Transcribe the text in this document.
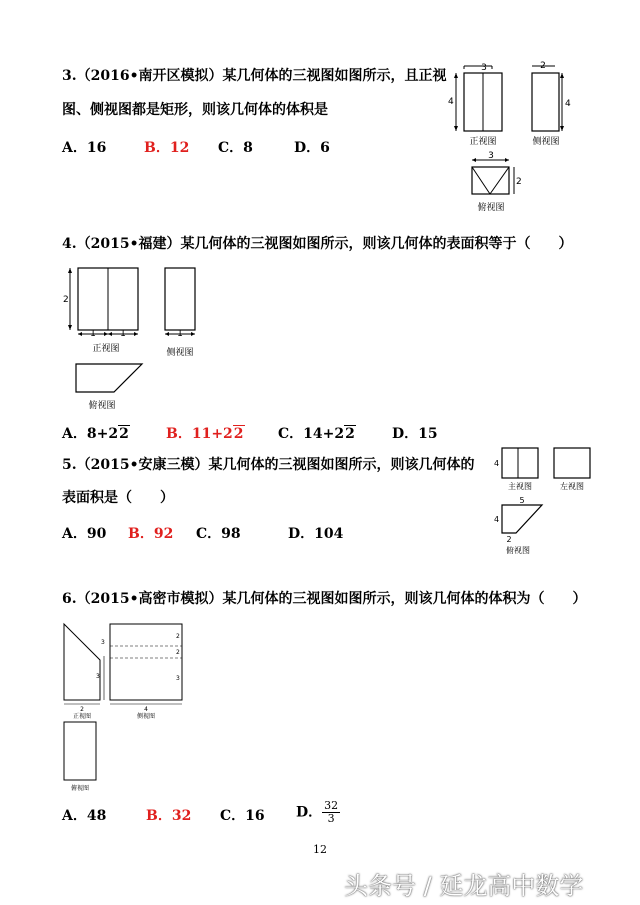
3.（2016•南开区模拟）某几何体的三视图如图所示，且正视
图、侧视图都是矩形，则该几何体的体积是
A．16	B．12 C．8	D．6
3
4
正视图
2
4
侧视图
3
2
俯视图
4.（2015•福建）某几何体的三视图如图所示，则该几何体的表面积等于（　　）
2
1	1
正视图
1
侧视图
俯视图
A．8+22	B．11+22 C．14+22	D．15
5.（2015•安康三模）某几何体的三视图如图所示，则该几何体的
表面积是（　　）
A．90 B．92 C．98	D．104
4
主视图	左视图
5
4
2
俯视图
6.（2015•高密市模拟）某几何体的三视图如图所示，则该几何体的体积为（　　）
2
3
3
正视图
2
2
3
4
侧视图
俯视图
A．48	B．32 C．16 D． $\frac{32}{3}$
12
头条号 / 延龙高中数学
